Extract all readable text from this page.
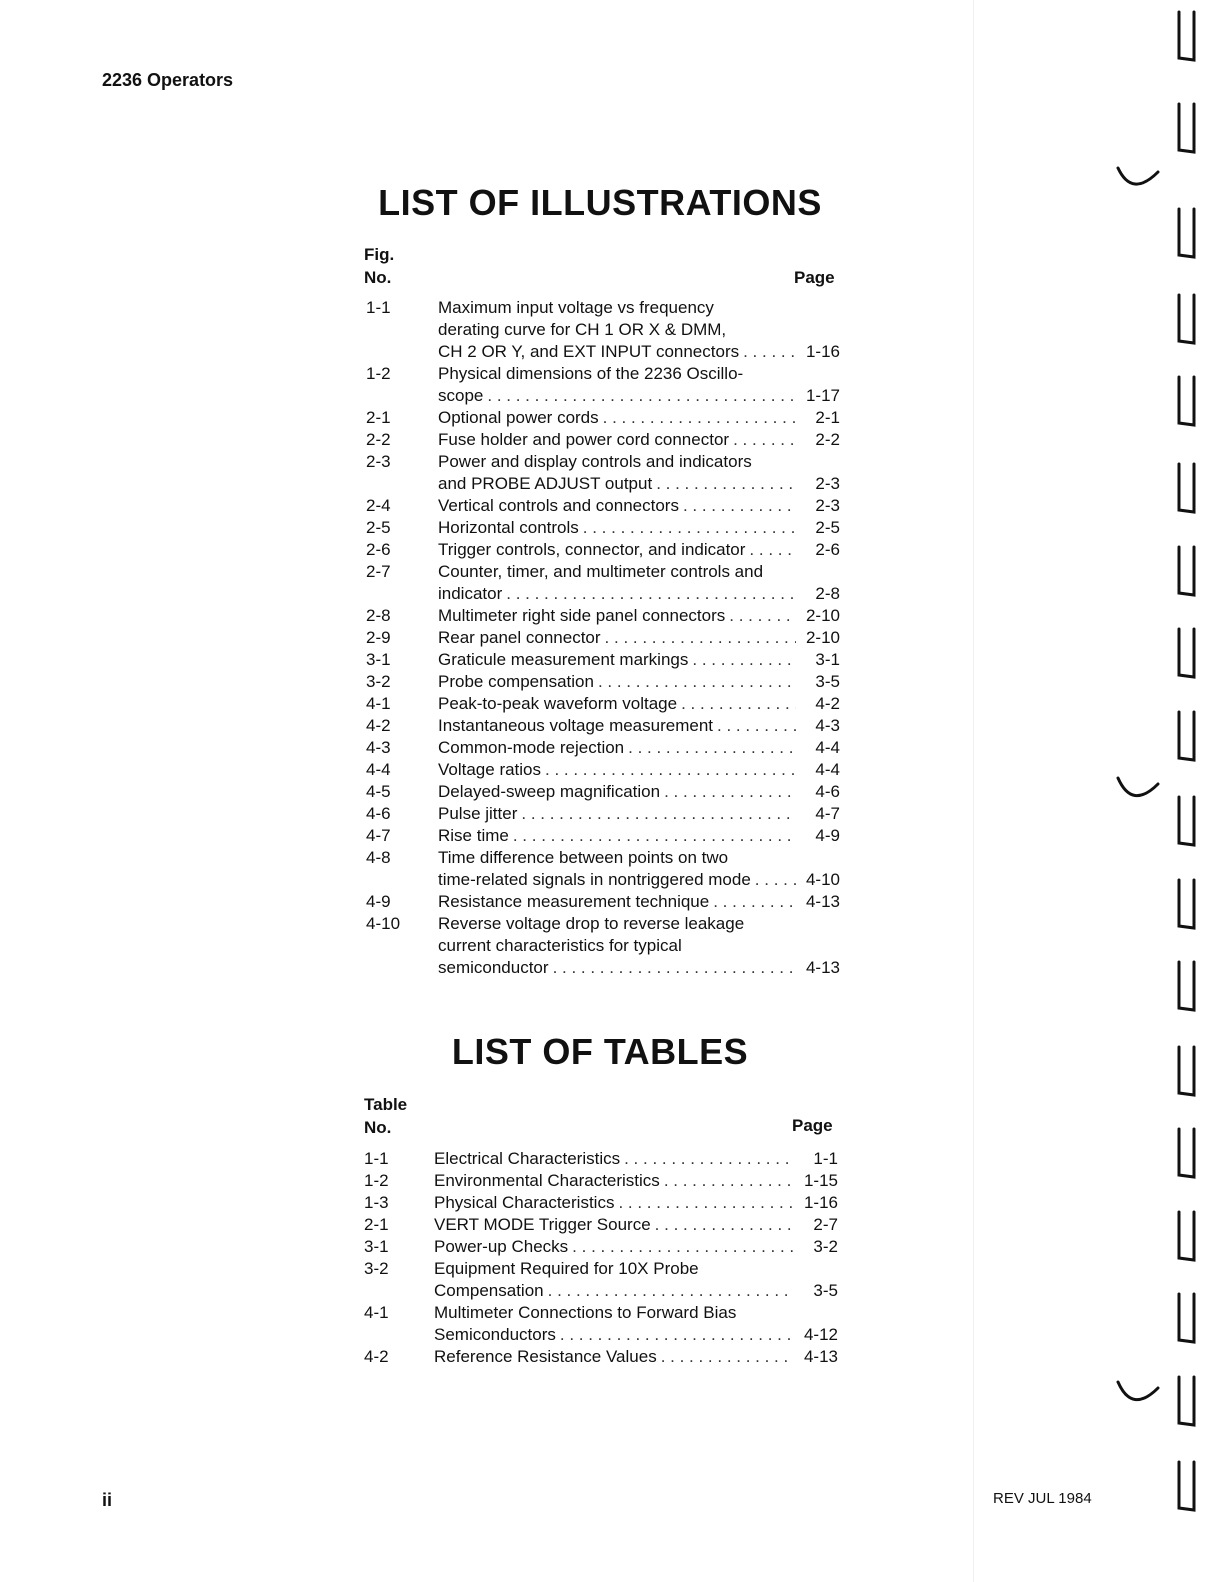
2236 Operators
LIST OF ILLUSTRATIONS
Fig.
No.	Page
1-1	Maximum input voltage vs frequency
derating curve for CH 1 OR X & DMM,
CH 2 OR Y, and EXT INPUT connectors . . .	1-16
1-2	Physical dimensions of the 2236 Oscillo-
scope . . .	1-17
2-1	Optional power cords . . .	2-1
2-2	Fuse holder and power cord connector . . .	2-2
2-3	Power and display controls and indicators
and PROBE ADJUST output . . .	2-3
2-4	Vertical controls and connectors . . .	2-3
2-5	Horizontal controls . . .	2-5
2-6	Trigger controls, connector, and indicator . . .	2-6
2-7	Counter, timer, and multimeter controls and
indicator . . .	2-8
2-8	Multimeter right side panel connectors . . .	2-10
2-9	Rear panel connector . . .	2-10
3-1	Graticule measurement markings . . .	3-1
3-2	Probe compensation . . .	3-5
4-1	Peak-to-peak waveform voltage . . .	4-2
4-2	Instantaneous voltage measurement . . .	4-3
4-3	Common-mode rejection . . .	4-4
4-4	Voltage ratios . . .	4-4
4-5	Delayed-sweep magnification . . .	4-6
4-6	Pulse jitter . . .	4-7
4-7	Rise time . . .	4-9
4-8	Time difference between points on two
time-related signals in nontriggered mode . . .	4-10
4-9	Resistance measurement technique . . .	4-13
4-10 Reverse voltage drop to reverse leakage
current characteristics for typical
semiconductor . . .	4-13
LIST OF TABLES
Table
No.	Page
1-1	Electrical Characteristics . . .	1-1
1-2	Environmental Characteristics . . .	1-15
1-3	Physical Characteristics . . .	1-16
2-1	VERT MODE Trigger Source . . .	2-7
3-1	Power-up Checks . . .	3-2
3-2	Equipment Required for 10X Probe
Compensation . . .	3-5
4-1	Multimeter Connections to Forward Bias
Semiconductors . . .	4-12
4-2	Reference Resistance Values . . .	4-13
ii	REV JUL 1984
